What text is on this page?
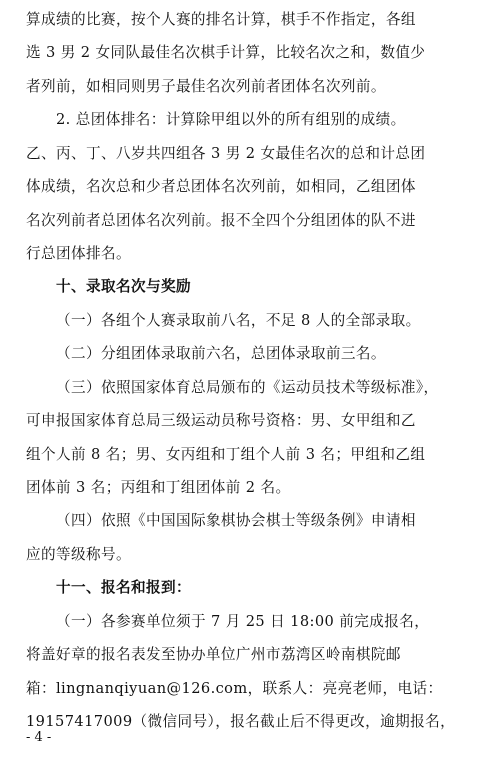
算成绩的比赛，按个人赛的排名计算，棋手不作指定，各组
选 3 男 2 女同队最佳名次棋手计算，比较名次之和，数值少
者列前，如相同则男子最佳名次列前者团体名次列前。
2. 总团体排名：计算除甲组以外的所有组别的成绩。
乙、丙、丁、八岁共四组各 3 男 2 女最佳名次的总和计总团
体成绩，名次总和少者总团体名次列前，如相同，乙组团体
名次列前者总团体名次列前。报不全四个分组团体的队不进
行总团体排名。
十、录取名次与奖励
（一）各组个人赛录取前八名，不足 8 人的全部录取。
（二）分组团体录取前六名，总团体录取前三名。
（三）依照国家体育总局颁布的《运动员技术等级标准》，
可申报国家体育总局三级运动员称号资格：男、女甲组和乙
组个人前 8 名；男、女丙组和丁组个人前 3 名；甲组和乙组
团体前 3 名；丙组和丁组团体前 2 名。
（四）依照《中国国际象棋协会棋士等级条例》申请相
应的等级称号。
十一、报名和报到：
（一）各参赛单位须于 7 月 25 日 18:00 前完成报名，
将盖好章的报名表发至协办单位广州市荔湾区岭南棋院邮
箱：lingnanqiyuan@126.com，联系人：亮亮老师，电话：
19157417009（微信同号），报名截止后不得更改，逾期报名，
- 4 -
